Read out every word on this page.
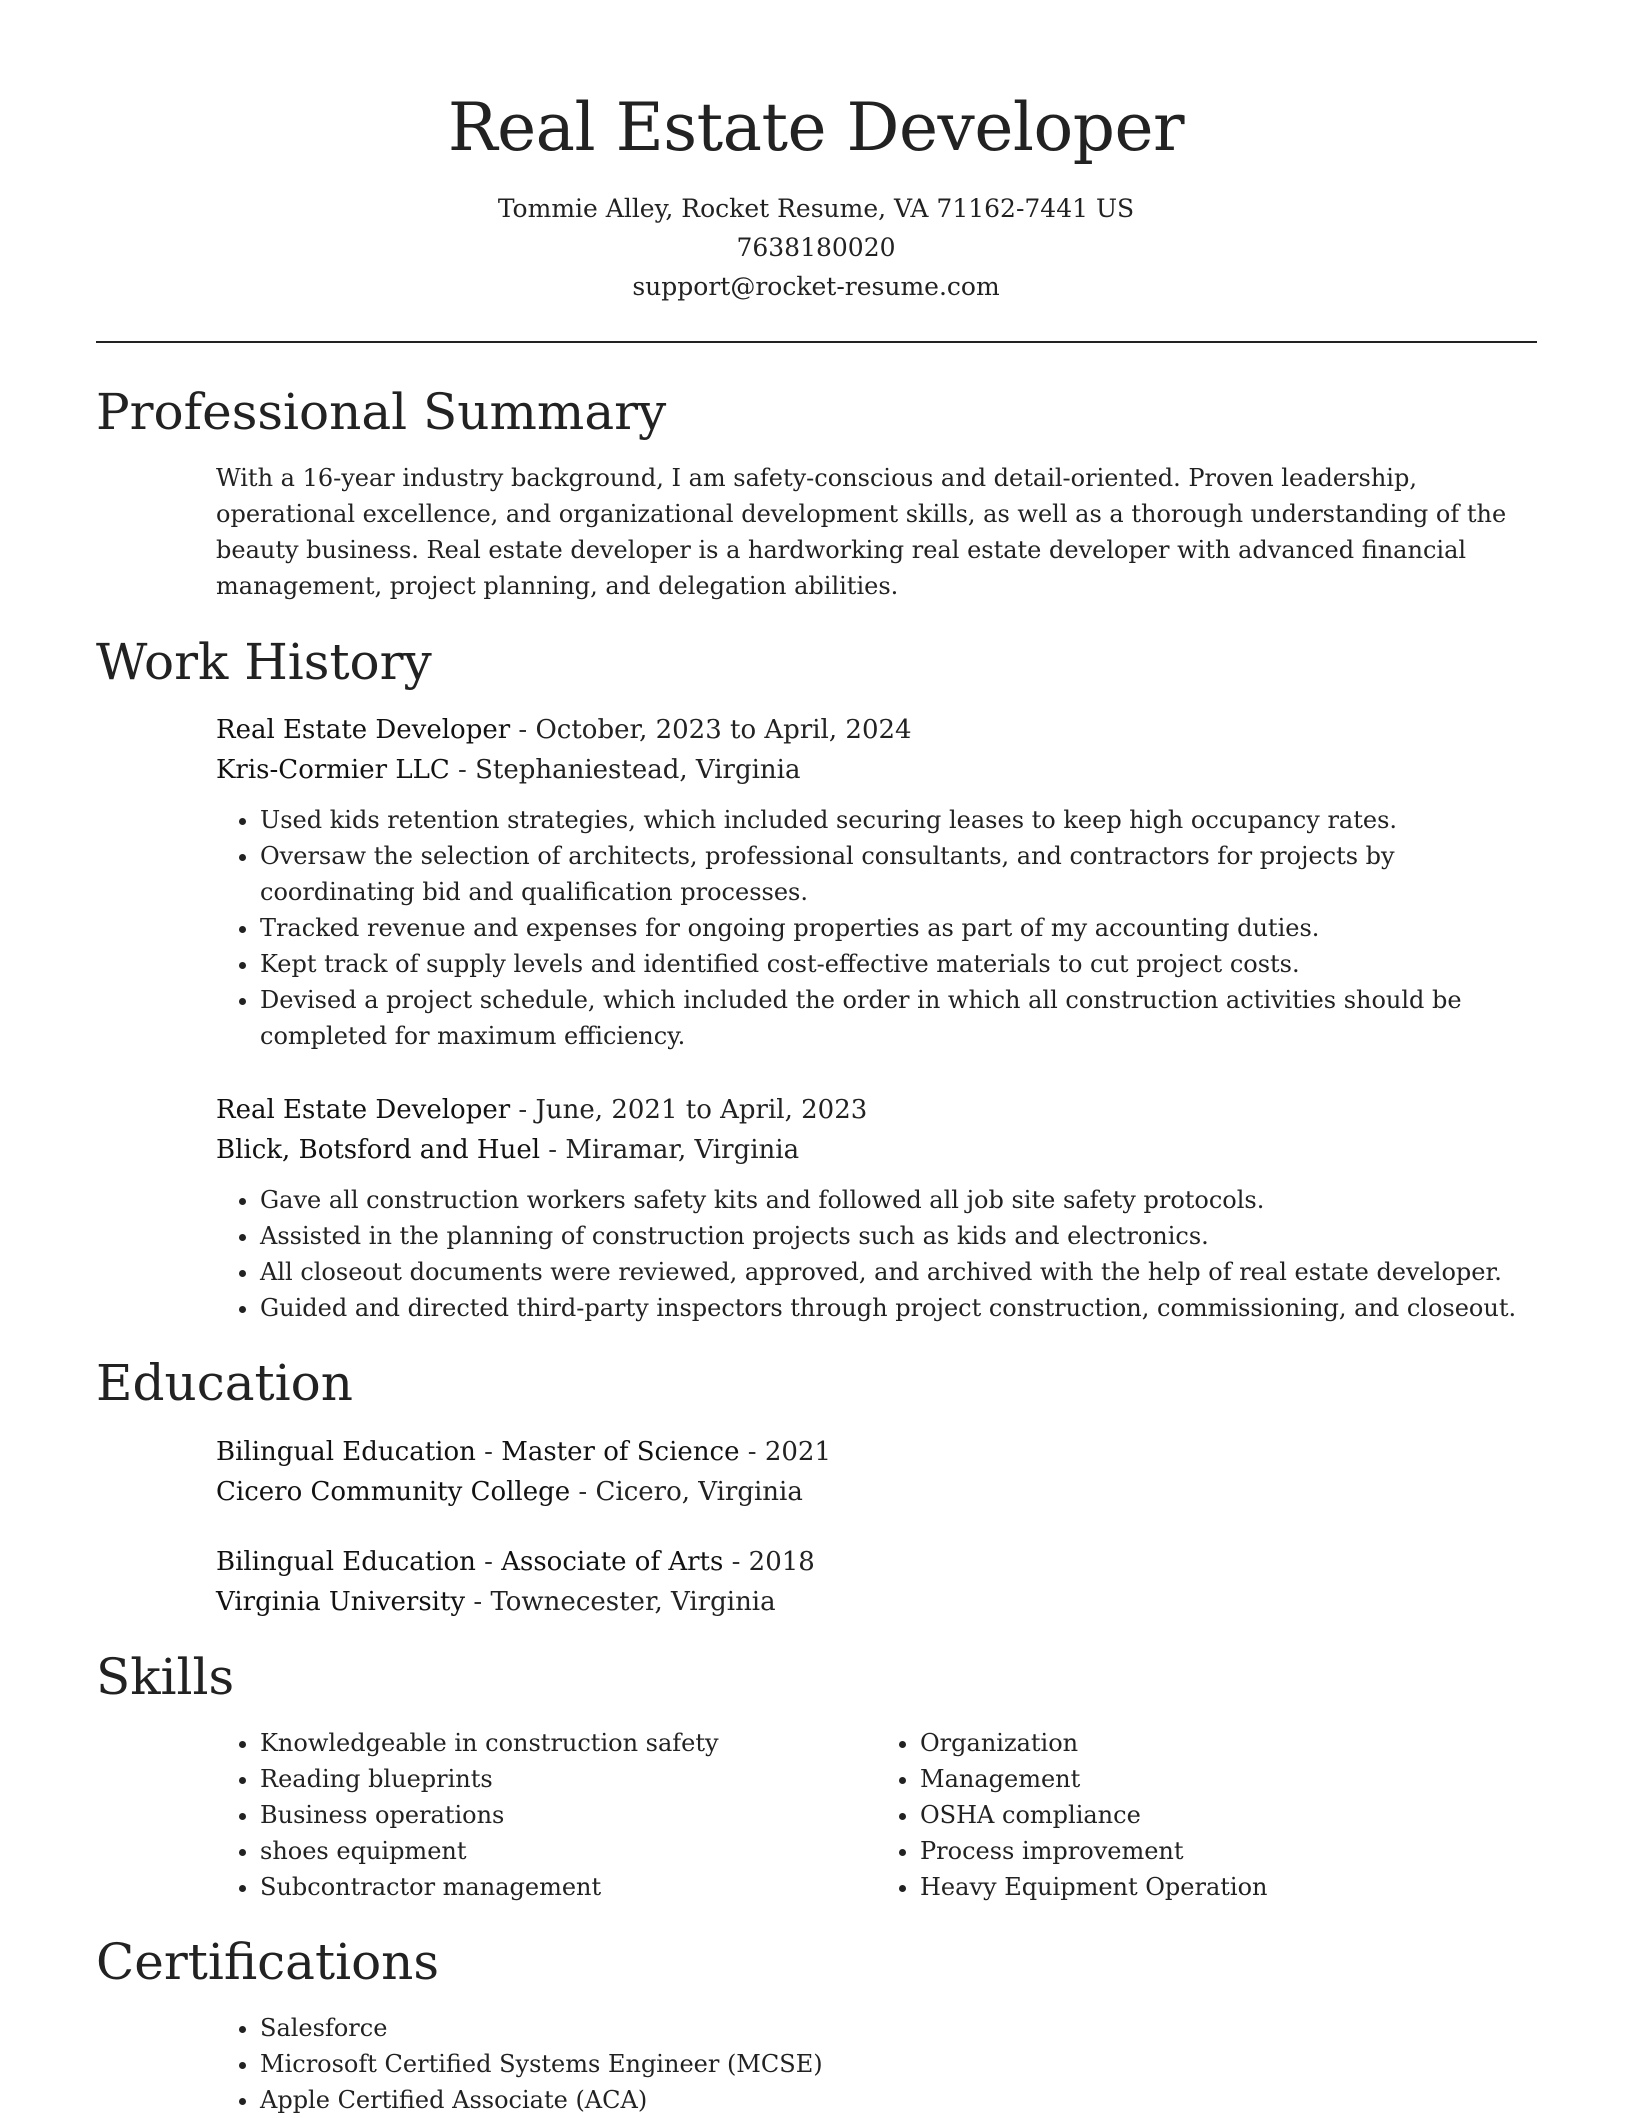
Real Estate Developer
Tommie Alley, Rocket Resume, VA 71162-7441 US
7638180020
support@rocket-resume.com
Professional Summary

With a 16-year industry background, I am safety-conscious and detail-oriented. Proven leadership, operational excellence, and organizational development skills, as well as a thorough understanding of the beauty business. Real estate developer is a hardworking real estate developer with advanced financial management, project planning, and delegation abilities.

Work History
Real Estate Developer - October, 2023 to April, 2024
Kris-Cormier LLC - Stephaniestead, Virginia
• Used kids retention strategies, which included securing leases to keep high occupancy rates.
• Oversaw the selection of architects, professional consultants, and contractors for projects by coordinating bid and qualification processes.
• Tracked revenue and expenses for ongoing properties as part of my accounting duties.
• Kept track of supply levels and identified cost-effective materials to cut project costs.
• Devised a project schedule, which included the order in which all construction activities should be completed for maximum efficiency.
Real Estate Developer - June, 2021 to April, 2023
Blick, Botsford and Huel - Miramar, Virginia
• Gave all construction workers safety kits and followed all job site safety protocols.
• Assisted in the planning of construction projects such as kids and electronics.
• All closeout documents were reviewed, approved, and archived with the help of real estate developer.
• Guided and directed third-party inspectors through project construction, commissioning, and closeout.
Education
Bilingual Education - Master of Science - 2021
Cicero Community College - Cicero, Virginia
Bilingual Education - Associate of Arts - 2018
Virginia University - Townecester, Virginia
Skills
• Knowledgeable in construction safety
• Reading blueprints
• Business operations
• shoes equipment
• Subcontractor management
• Organization
• Management
• OSHA compliance
• Process improvement
• Heavy Equipment Operation
Certifications
• Salesforce
• Microsoft Certified Systems Engineer (MCSE)
• Apple Certified Associate (ACA)
